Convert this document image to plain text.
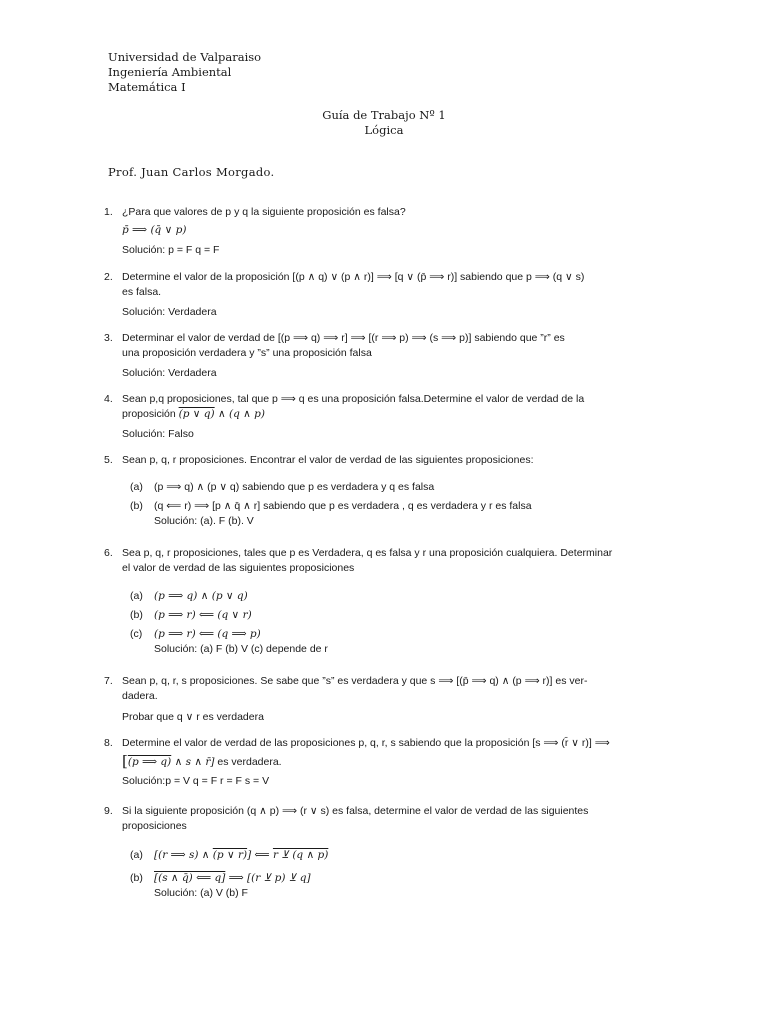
Universidad de Valparaiso
Ingeniería Ambiental
Matemática I
Guía de Trabajo Nº 1
Lógica
Prof. Juan Carlos Morgado.
1. ¿Para que valores de p y q la siguiente proposición es falsa?
p̄ ⟹ (q̄ ∨ p)
Solución: p = F q = F
2. Determine el valor de la proposición [(p ∧ q) ∨ (p ∧ r)] ⟹ [q ∨ (p̄ ⟹ r)] sabiendo que p ⟹ (q ∨ s)
es falsa.
Solución: Verdadera
3. Determinar el valor de verdad de [(p ⟹ q) ⟹ r] ⟹ [(r ⟹ p) ⟹ (s ⟹ p)] sabiendo que ”r” es
una proposición verdadera y ”s” una proposición falsa
Solución: Verdadera
4. Sean p,q proposiciones, tal que p ⟹ q es una proposición falsa.Determine el valor de verdad de la
proposición (p ∨ q) ∧ (q ∧ p)
Solución: Falso
5. Sean p, q, r proposiciones. Encontrar el valor de verdad de las siguientes proposiciones:
(a) (p ⟹ q) ∧ (p ∨ q) sabiendo que p es verdadera y q es falsa
(b) (q ⟸ r) ⟹ [p ∧ q̄ ∧ r] sabiendo que p es verdadera , q es verdadera y r es falsa
Solución: (a). F (b). V
6. Sea p, q, r proposiciones, tales que p es Verdadera, q es falsa y r una proposición cualquiera. Determinar
el valor de verdad de las siguientes proposiciones
(a) (p ⟹ q) ∧ (p ∨ q)
(b) (p ⟹ r) ⟸ (q ∨ r)
(c) (p ⟹ r) ⟸ (q ⟹ p)
Solución: (a) F (b) V (c) depende de r
7. Sean p, q, r, s proposiciones. Se sabe que ”s” es verdadera y que s ⟹ [(p̄ ⟹ q) ∧ (p ⟹ r)] es ver-
dadera.
Probar que q ∨ r es verdadera
8. Determine el valor de verdad de las proposiciones p, q, r, s sabiendo que la proposición [s ⟹ (r̄ ∨ r)] ⟹
[(p ⟹ q) ∧ s ∧ r̄] es verdadera.
Solución:p = V q = F r = F s = V
9. Si la siguiente proposición (q ∧ p) ⟹ (r ∨ s) es falsa, determine el valor de verdad de las siguientes
proposiciones
(a) [(r ⟹ s) ∧ (p ∨ r)] ⟸ r ⊻ (q ∧ p)
(b) [(s ∧ q̄) ⟸ q] ⟹ [(r ⊻ p) ⊻ q]
Solución: (a) V (b) F
